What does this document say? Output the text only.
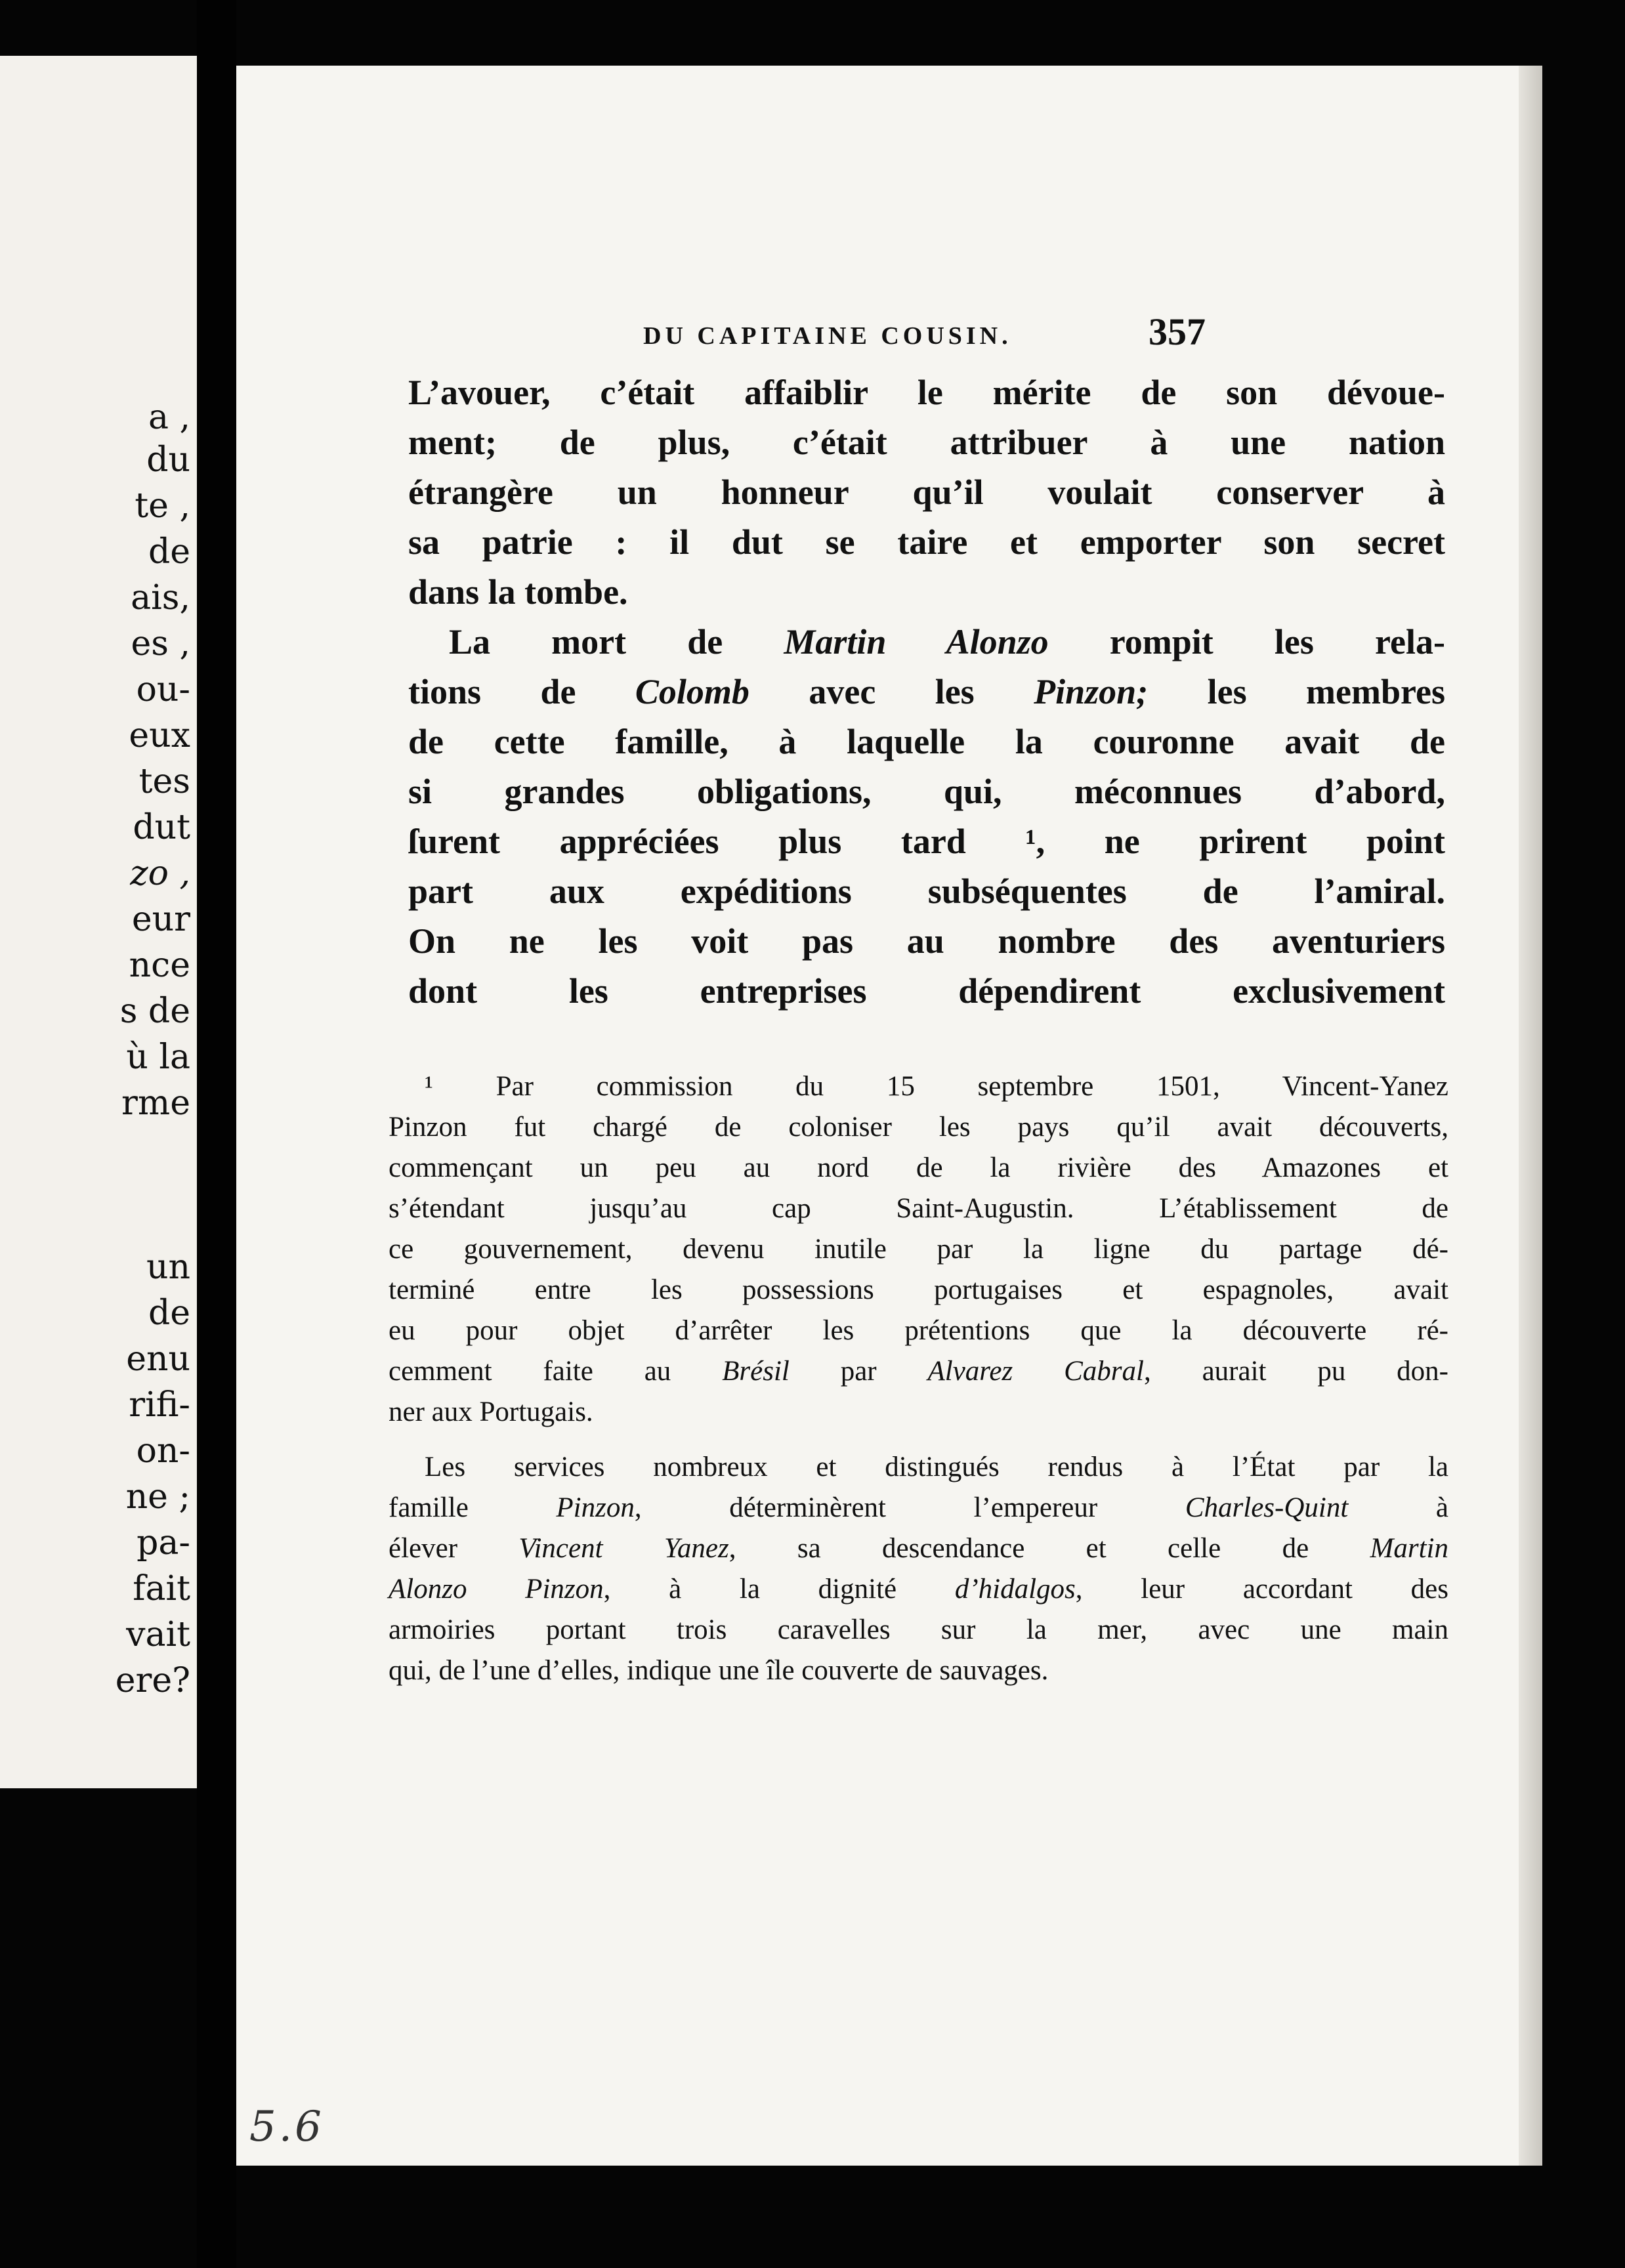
a ,
du
te ,
de
ais,
es ,
ou-
eux
tes
dut
zo ,
eur
nce
s de
ù la
rme
un
de
enu
rifi-
on-
ne ;
pa-
fait
vait
ere?
DU CAPITAINE COUSIN.	357
L’avouer, c’était affaiblir le mérite de son dévoue-
ment; de plus, c’était attribuer à une nation
étrangère un honneur qu’il voulait conserver à
sa patrie : il dut se taire et emporter son secret
dans la tombe.
La mort de Martin Alonzo rompit les rela-
tions de Colomb avec les Pinzon; les membres
de cette famille, à laquelle la couronne avait de
si grandes obligations, qui, méconnues d’abord,
ſurent appréciées plus tard ¹, ne prirent point
part aux expéditions subséquentes de l’amiral.
On ne les voit pas au nombre des aventuriers
dont les entreprises dépendirent exclusivement
¹ Par commission du 15 septembre 1501, Vincent-Yanez
Pinzon fut chargé de coloniser les pays qu’il avait découverts,
commençant un peu au nord de la rivière des Amazones et
s’étendant jusqu’au cap Saint-Augustin. L’établissement de
ce gouvernement, devenu inutile par la ligne du partage dé-
terminé entre les possessions portugaises et espagnoles, avait
eu pour objet d’arrêter les prétentions que la découverte ré-
cemment faite au Brésil par Alvarez Cabral, aurait pu don-
ner aux Portugais.
Les services nombreux et distingués rendus à l’État par la
famille Pinzon, déterminèrent l’empereur Charles-Quint à
élever Vincent Yanez, sa descendance et celle de Martin
Alonzo Pinzon, à la dignité d’hidalgos, leur accordant des
armoiries portant trois caravelles sur la mer, avec une main
qui, de l’une d’elles, indique une île couverte de sauvages.
5.6
